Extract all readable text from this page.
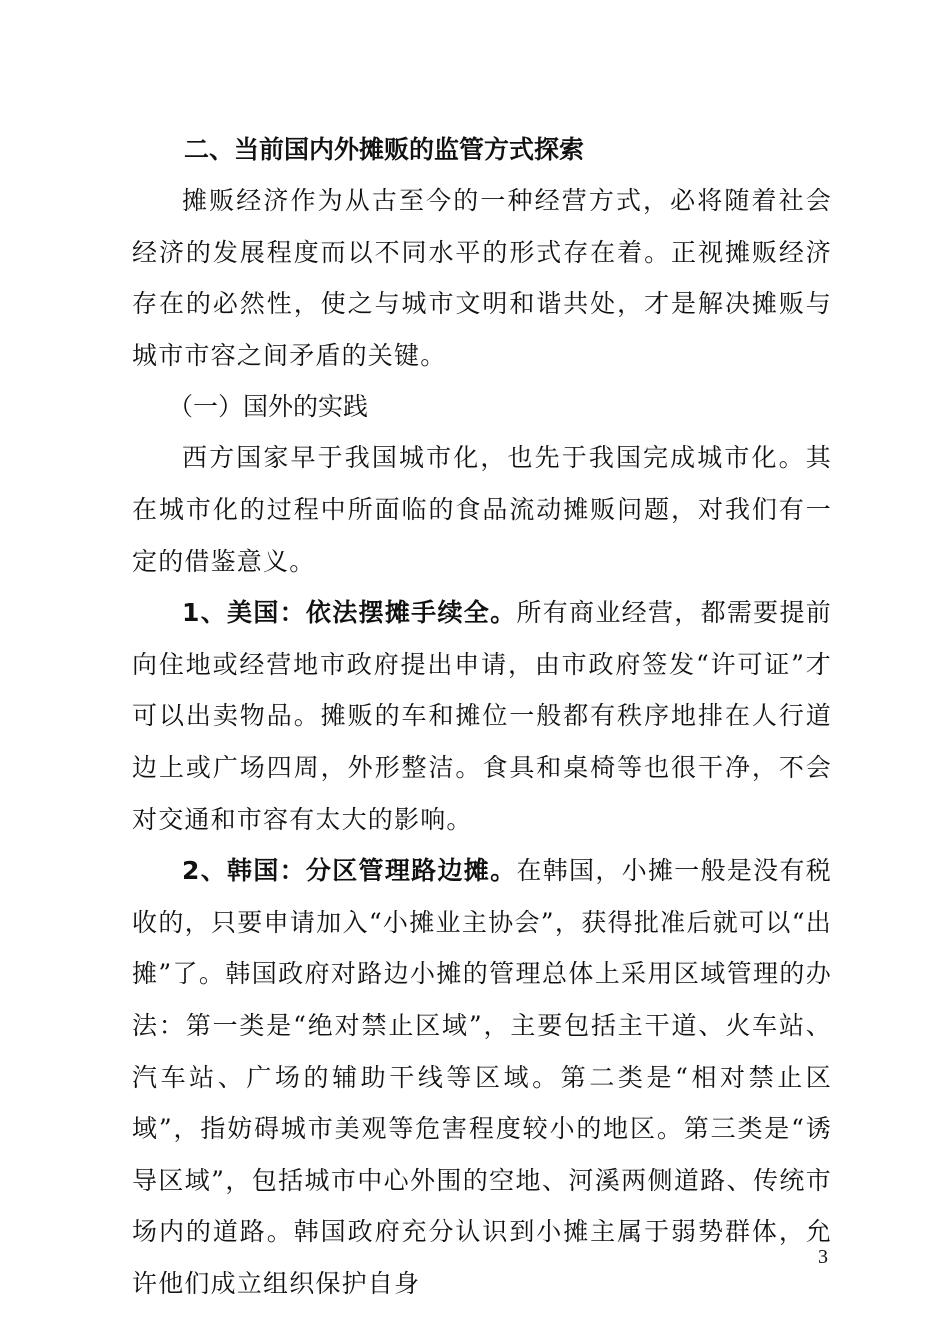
二、当前国内外摊贩的监管方式探索

摊贩经济作为从古至今的一种经营方式，必将随着社会经济的发展程度而以不同水平的形式存在着。正视摊贩经济存在的必然性，使之与城市文明和谐共处，才是解决摊贩与城市市容之间矛盾的关键。

（一）国外的实践

西方国家早于我国城市化，也先于我国完成城市化。其在城市化的过程中所面临的食品流动摊贩问题，对我们有一定的借鉴意义。

1、美国：依法摆摊手续全。所有商业经营，都需要提前向住地或经营地市政府提出申请，由市政府签发“许可证”才可以出卖物品。摊贩的车和摊位一般都有秩序地排在人行道边上或广场四周，外形整洁。食具和桌椅等也很干净，不会对交通和市容有太大的影响。

2、韩国：分区管理路边摊。在韩国，小摊一般是没有税收的，只要申请加入“小摊业主协会”，获得批准后就可以“出摊”了。韩国政府对路边小摊的管理总体上采用区域管理的办法：第一类是“绝对禁止区域”，主要包括主干道、火车站、汽车站、广场的辅助干线等区域。第二类是“相对禁止区域”，指妨碍城市美观等危害程度较小的地区。第三类是“诱导区域”，包括城市中心外围的空地、河溪两侧道路、传统市场内的道路。韩国政府充分认识到小摊主属于弱势群体，允许他们成立组织保护自身

3
